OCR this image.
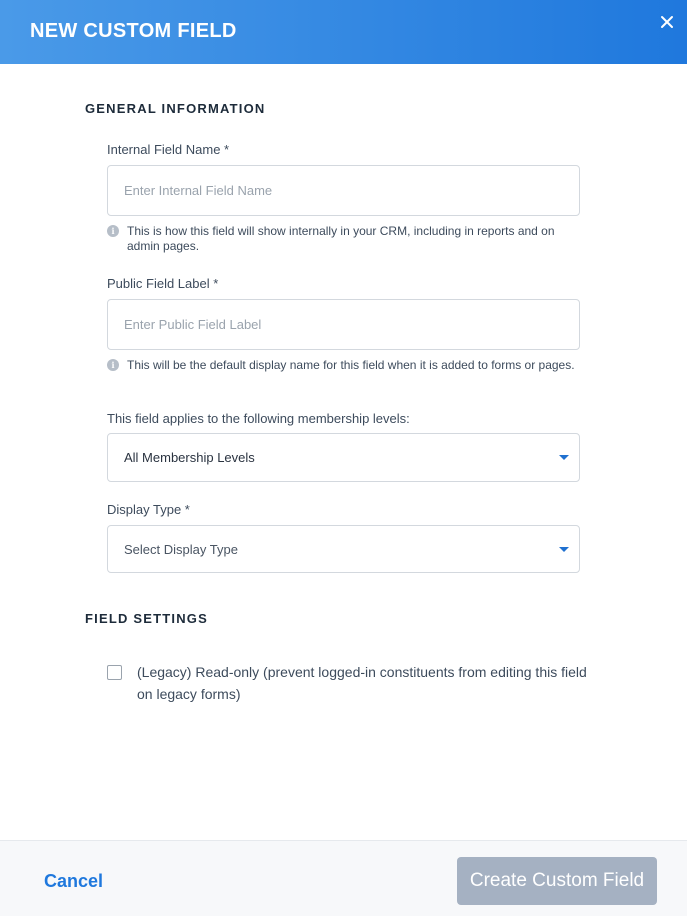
NEW CUSTOM FIELD
GENERAL INFORMATION
Internal Field Name *
Enter Internal Field Name
i	This is how this field will show internally in your CRM, including in reports and on admin pages.
Public Field Label *
Enter Public Field Label
i	This will be the default display name for this field when it is added to forms or pages.
This field applies to the following membership levels:
All Membership Levels
Display Type *
Select Display Type
FIELD SETTINGS
(Legacy) Read-only (prevent logged-in constituents from editing this field on legacy forms)
Cancel	Create Custom Field
